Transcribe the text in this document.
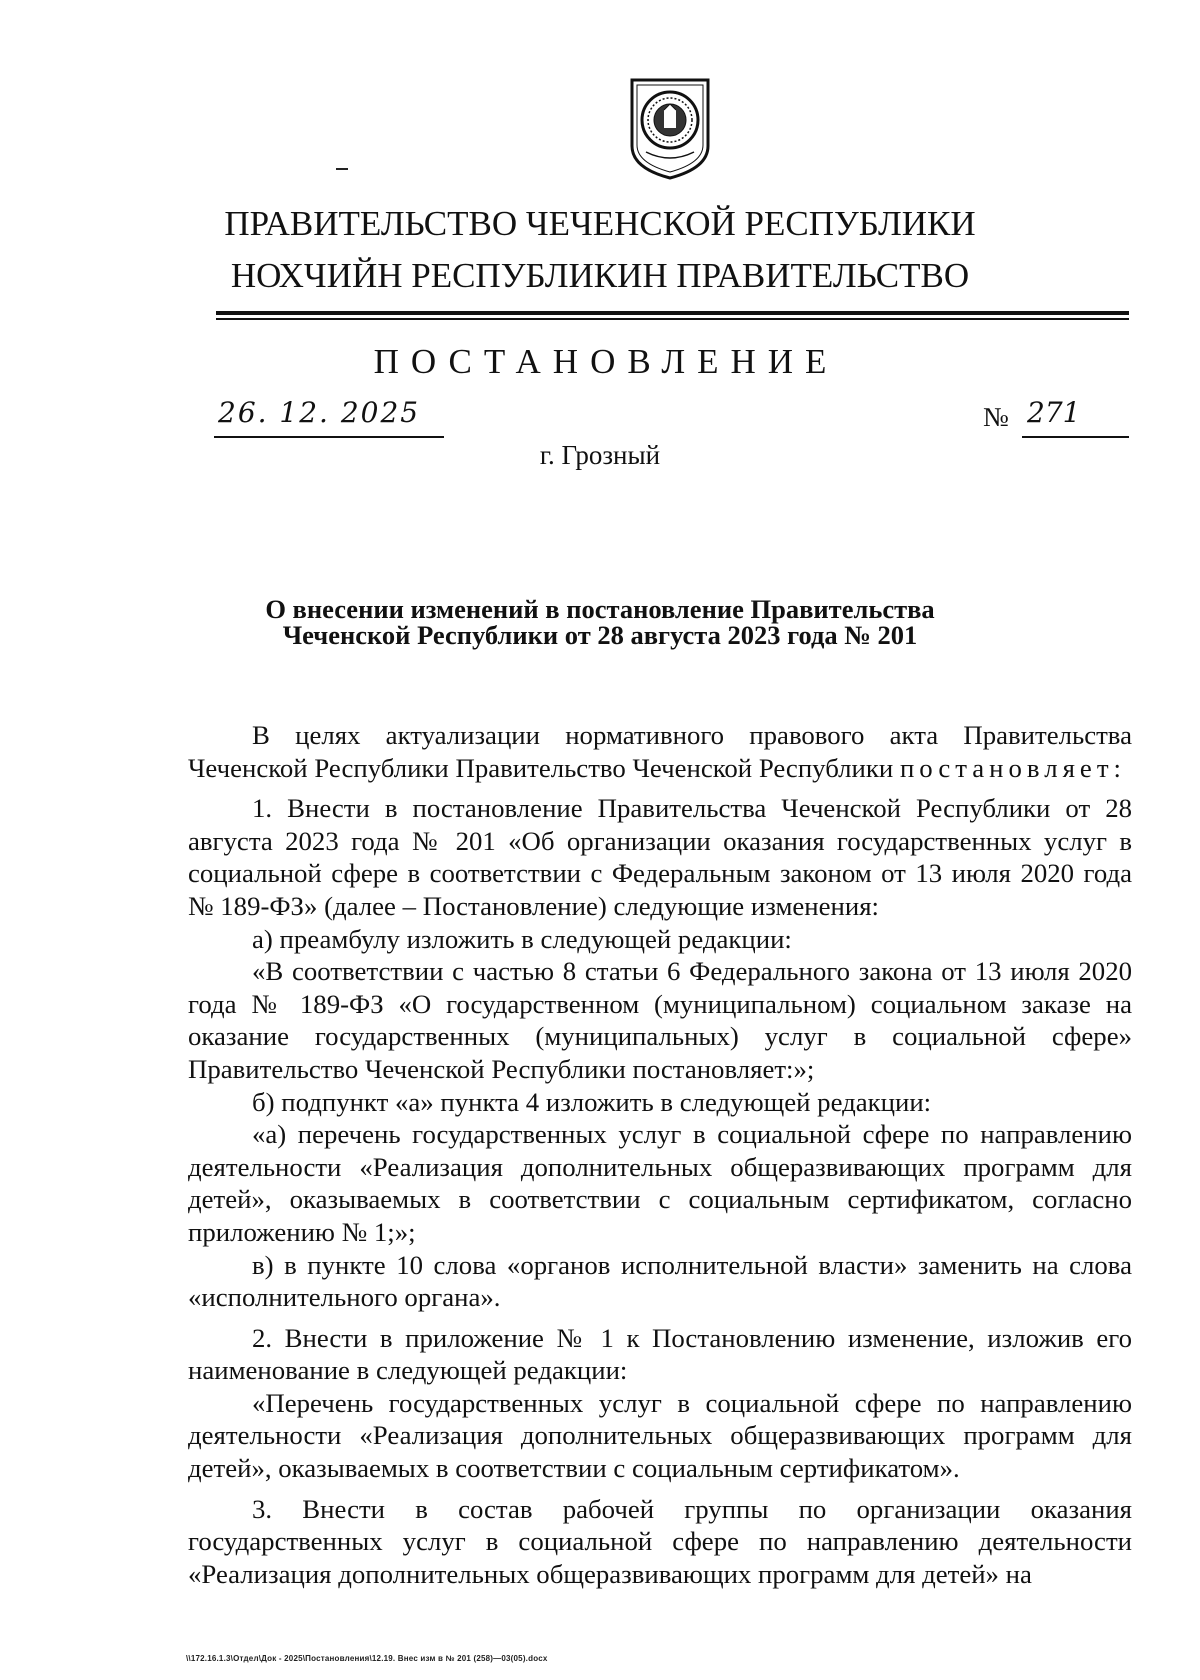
ПРАВИТЕЛЬСТВО ЧЕЧЕНСКОЙ РЕСПУБЛИКИ
НОХЧИЙН РЕСПУБЛИКИН ПРАВИТЕЛЬСТВО
ПОСТАНОВЛЕНИЕ
26. 12. 2025	№ 271
г. Грозный
О внесении изменений в постановление Правительства
Чеченской Республики от 28 августа 2023 года № 201

В целях актуализации нормативного правового акта Правительства Чеченской Республики Правительство Чеченской Республики постановляет:

1. Внести в постановление Правительства Чеченской Республики от 28 августа 2023 года № 201 «Об организации оказания государственных услуг в социальной сфере в соответствии с Федеральным законом от 13 июля 2020 года № 189-ФЗ» (далее – Постановление) следующие изменения:

а) преамбулу изложить в следующей редакции:

«В соответствии с частью 8 статьи 6 Федерального закона от 13 июля 2020 года № 189-ФЗ «О государственном (муниципальном) социальном заказе на оказание государственных (муниципальных) услуг в социальной сфере» Правительство Чеченской Республики постановляет:»;

б) подпункт «а» пункта 4 изложить в следующей редакции:

«а) перечень государственных услуг в социальной сфере по направлению деятельности «Реализация дополнительных общеразвивающих программ для детей», оказываемых в соответствии с социальным сертификатом, согласно приложению № 1;»;

в) в пункте 10 слова «органов исполнительной власти» заменить на слова «исполнительного органа».

2. Внести в приложение № 1 к Постановлению изменение, изложив его наименование в следующей редакции:

«Перечень государственных услуг в социальной сфере по направлению деятельности «Реализация дополнительных общеразвивающих программ для детей», оказываемых в соответствии с социальным сертификатом».

3. Внести в состав рабочей группы по организации оказания государственных услуг в социальной сфере по направлению деятельности «Реализация дополнительных общеразвивающих программ для детей» на

\\172.16.1.3\Отдел\Док - 2025\Постановления\12.19. Внес изм в № 201 (258)—03(05).docx
